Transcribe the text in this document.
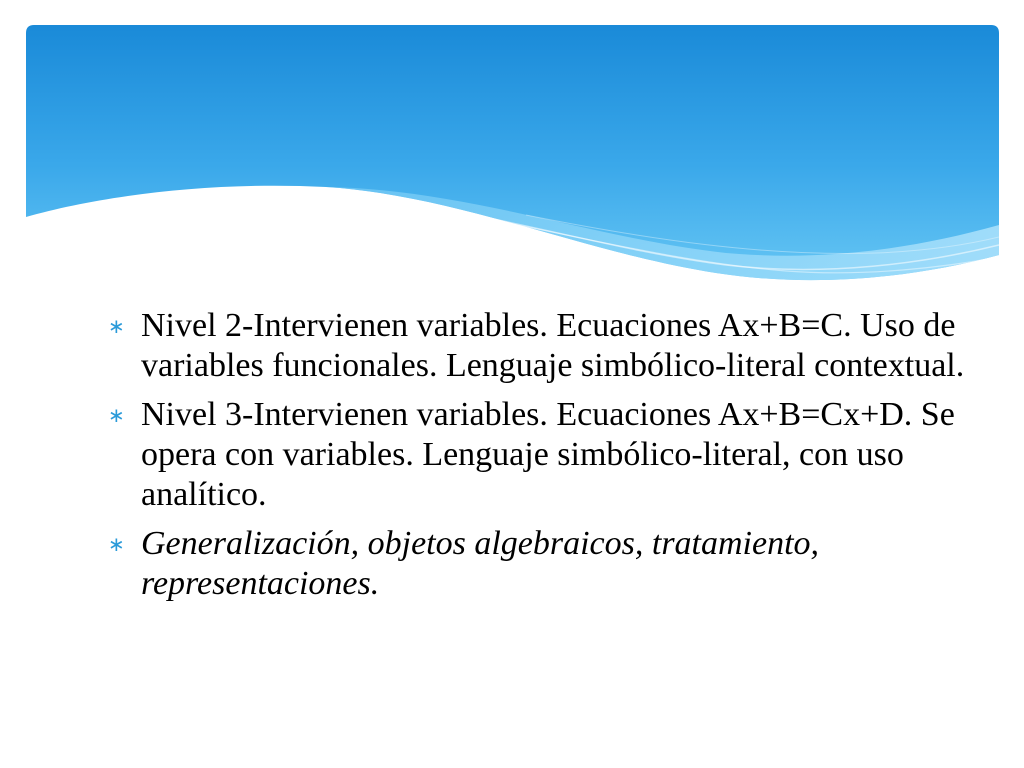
∗ Nivel 2-Intervienen variables. Ecuaciones Ax+B=C. Uso de variables funcionales. Lenguaje simbólico-literal contextual.
∗ Nivel 3-Intervienen variables. Ecuaciones Ax+B=Cx+D. Se opera con variables. Lenguaje simbólico-literal, con uso analítico.
∗ Generalización, objetos algebraicos, tratamiento, representaciones.
